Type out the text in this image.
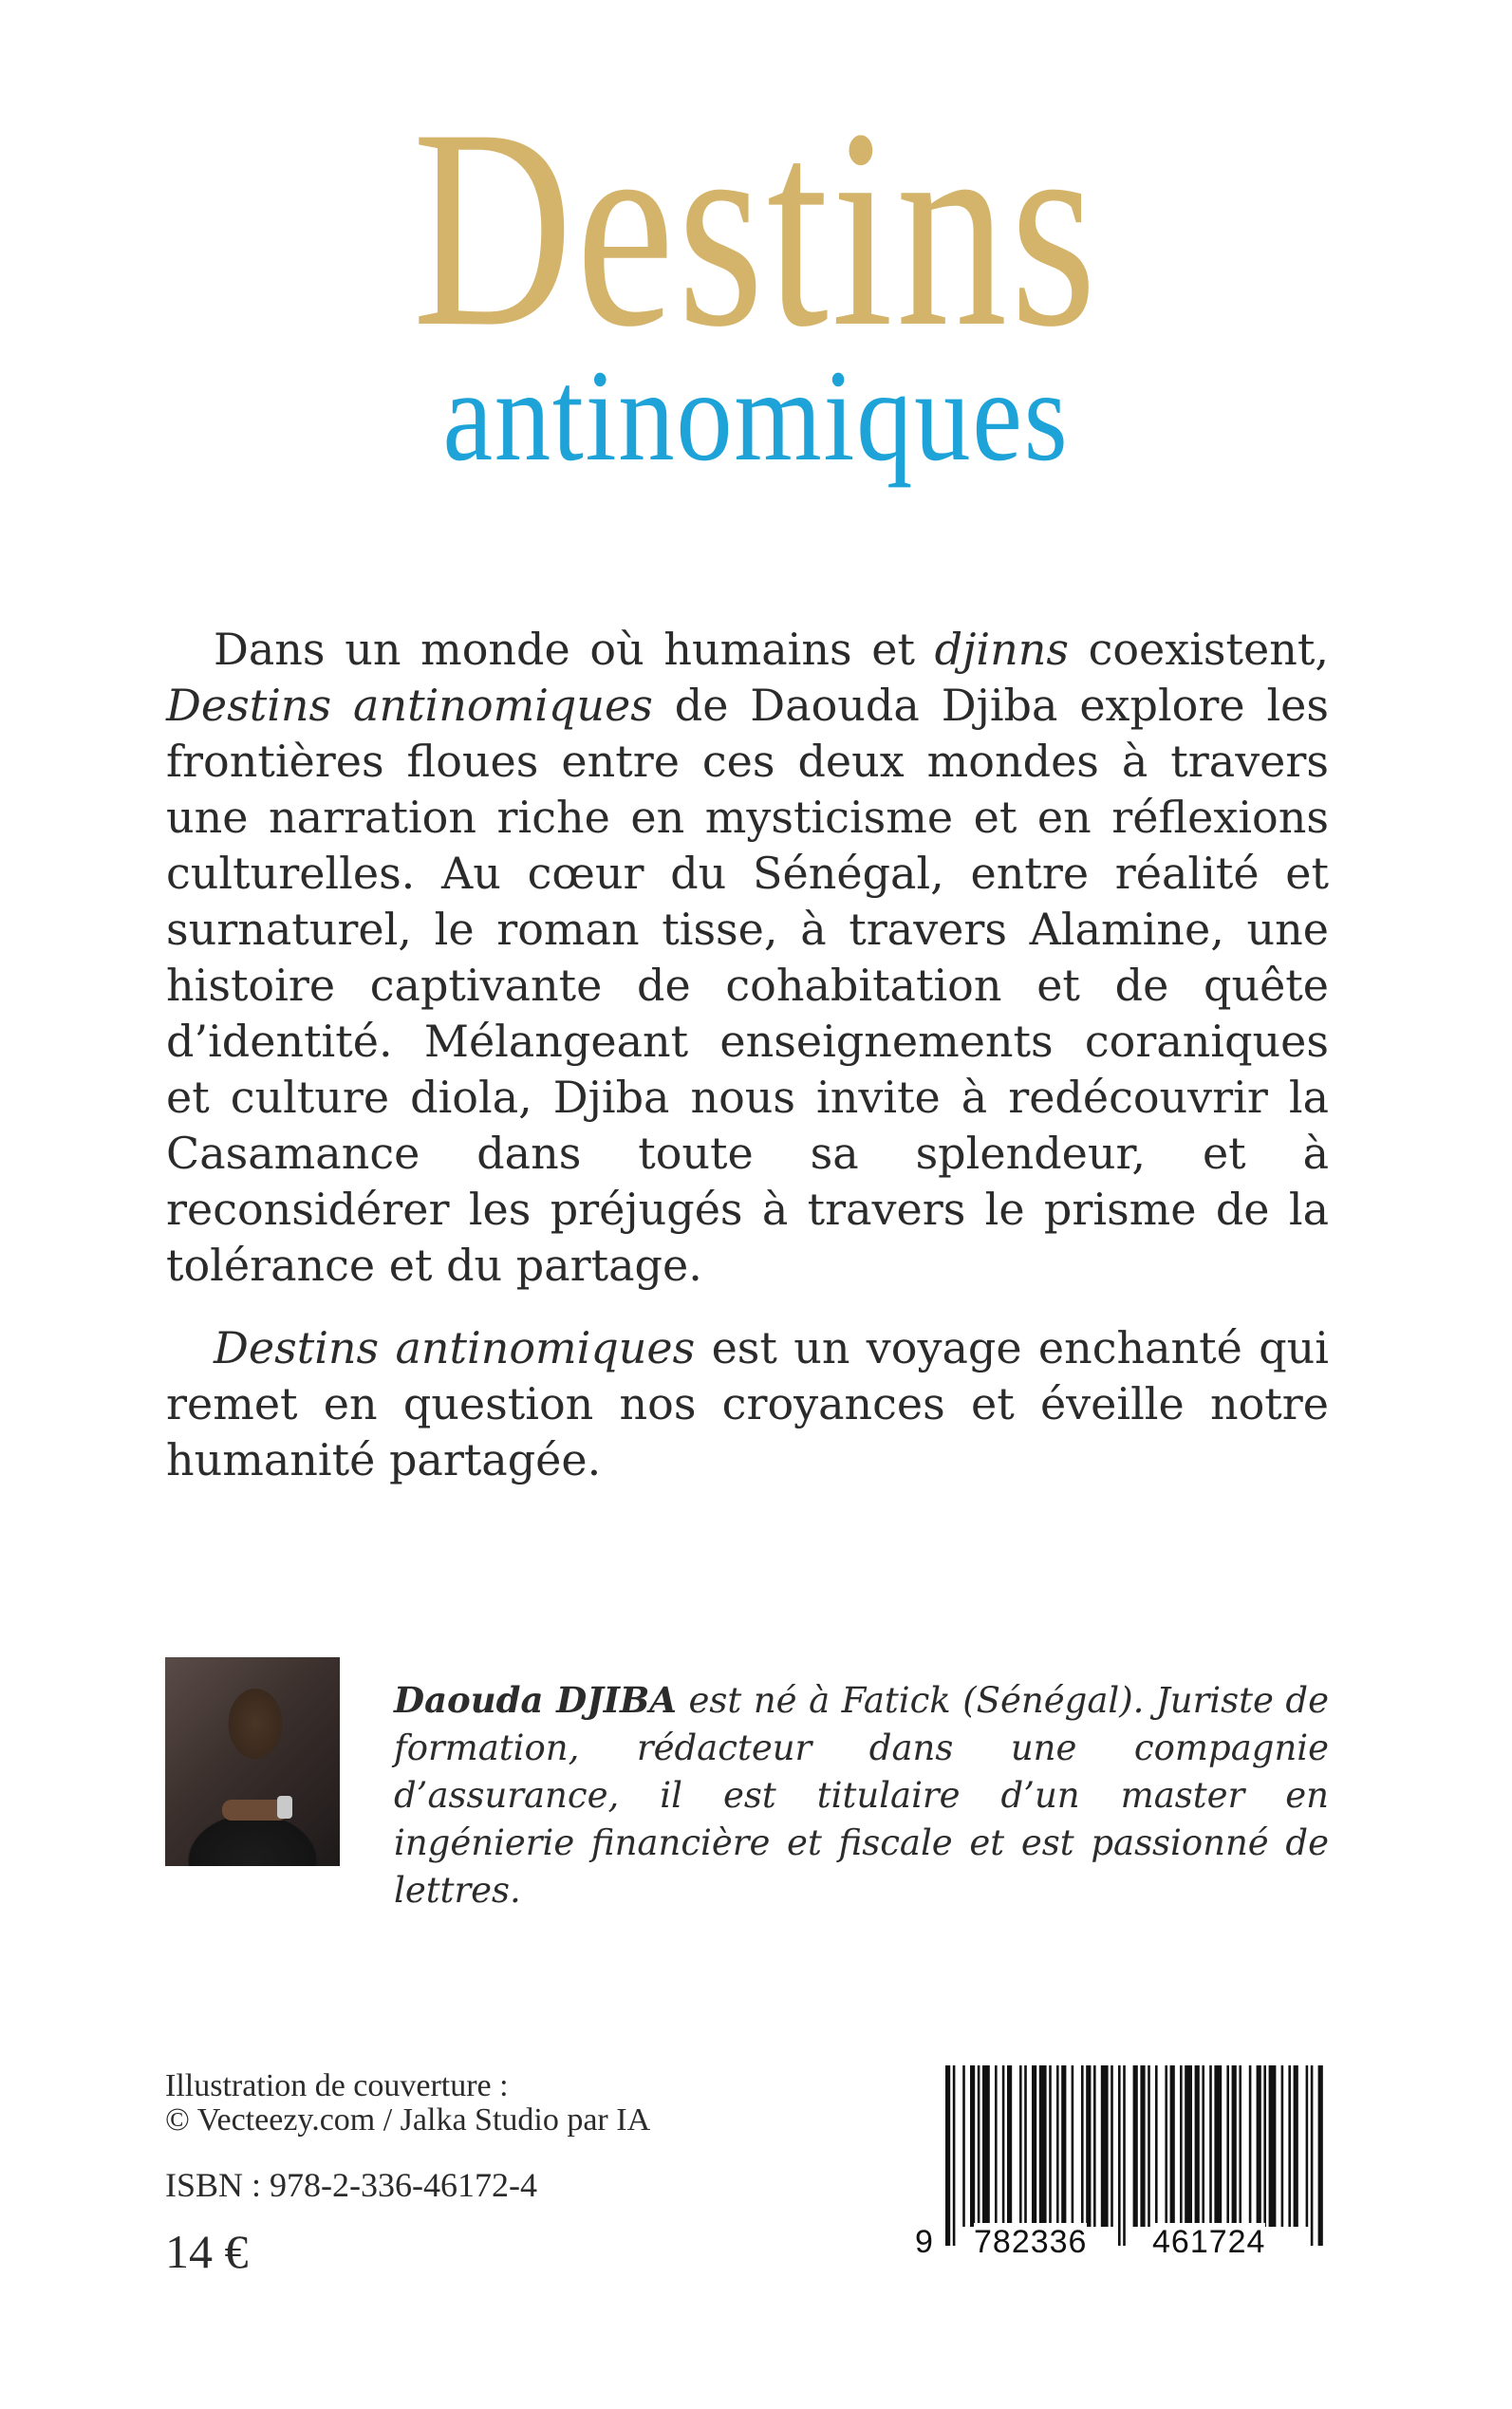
Destins
antinomiques

Dans un monde où humains et djinns coexistent, Destins antinomiques de Daouda Djiba explore les frontières floues entre ces deux mondes à travers une narration riche en mysticisme et en réflexions culturelles. Au cœur du Sénégal, entre réalité et surnaturel, le roman tisse, à travers Alamine, une histoire captivante de cohabitation et de quête d’identité. Mélangeant enseignements coraniques et culture diola, Djiba nous invite à redécouvrir la Casamance dans toute sa splendeur, et à reconsidérer les préjugés à travers le prisme de la tolérance et du partage.

Destins antinomiques est un voyage enchanté qui remet en question nos croyances et éveille notre humanité partagée.

Daouda DJIBA est né à Fatick (Sénégal). Juriste de formation, rédacteur dans une compagnie d’assurance, il est titulaire d’un master en ingénierie financière et fiscale et est passionné de lettres.
Illustration de couverture :
© Vecteezy.com / Jalka Studio par IA
ISBN : 978-2-336-46172-4
14 €	9 782336 461724
